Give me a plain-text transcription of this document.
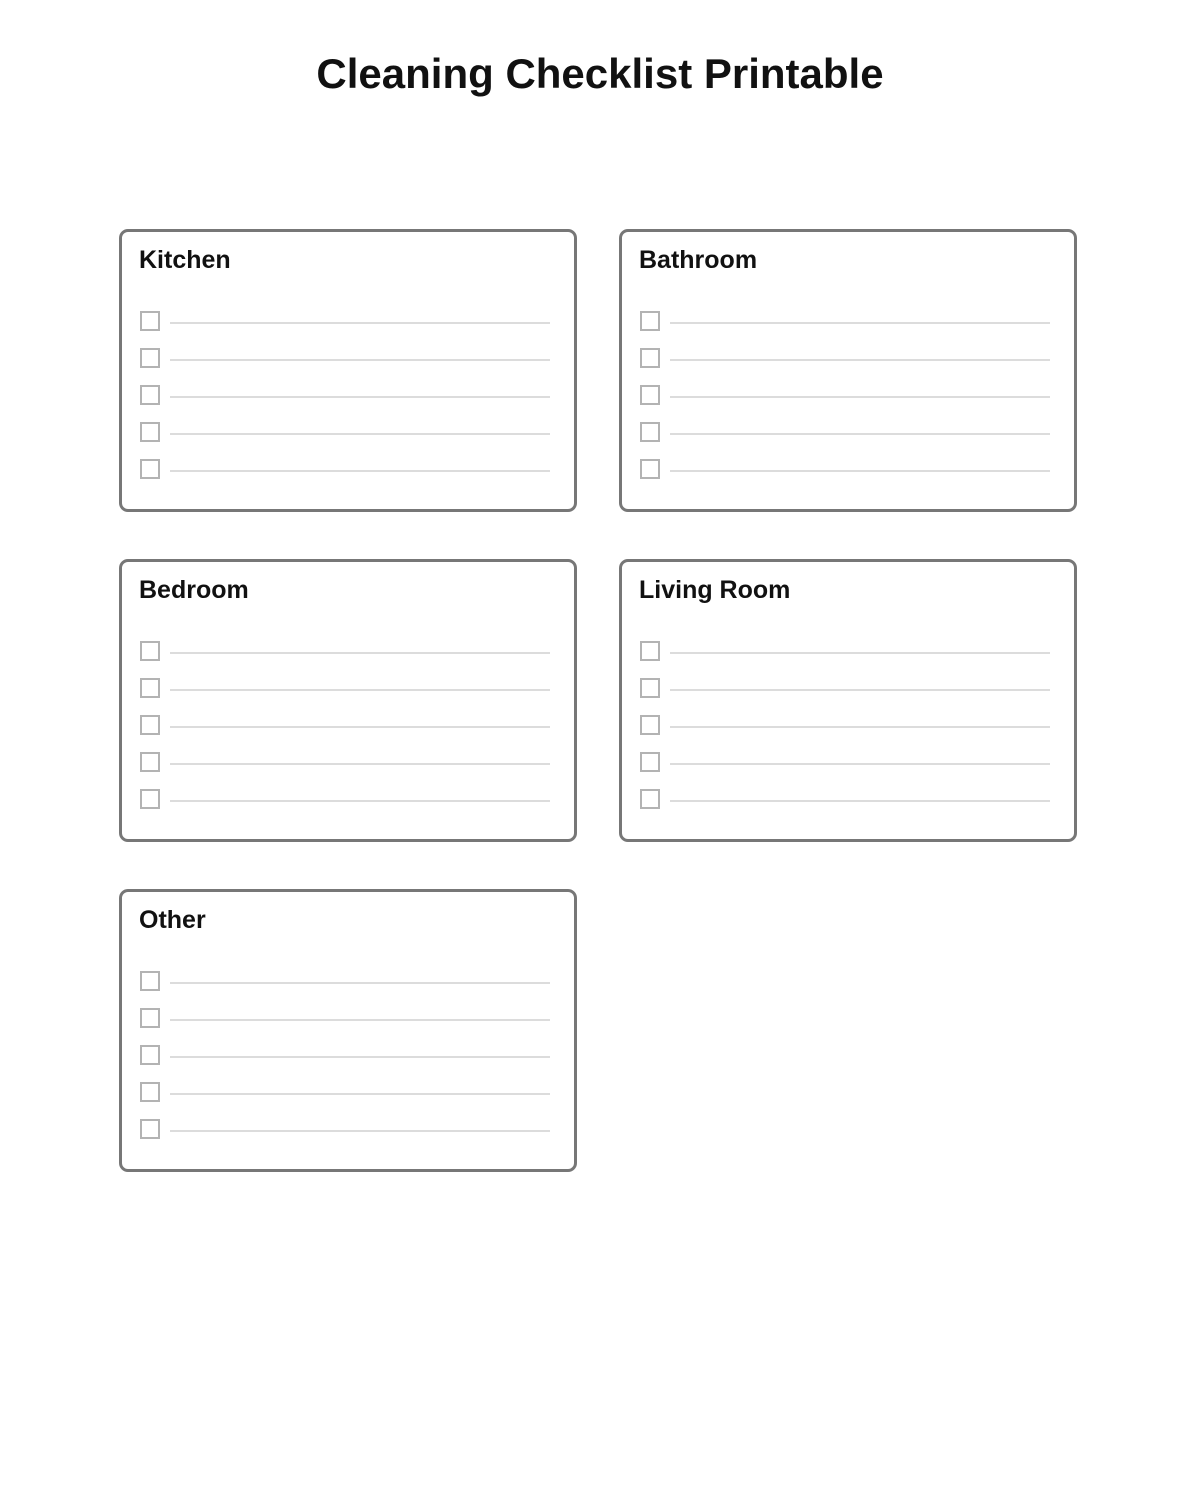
Cleaning Checklist Printable
Kitchen	Bathroom
Bedroom	Living Room
Other
